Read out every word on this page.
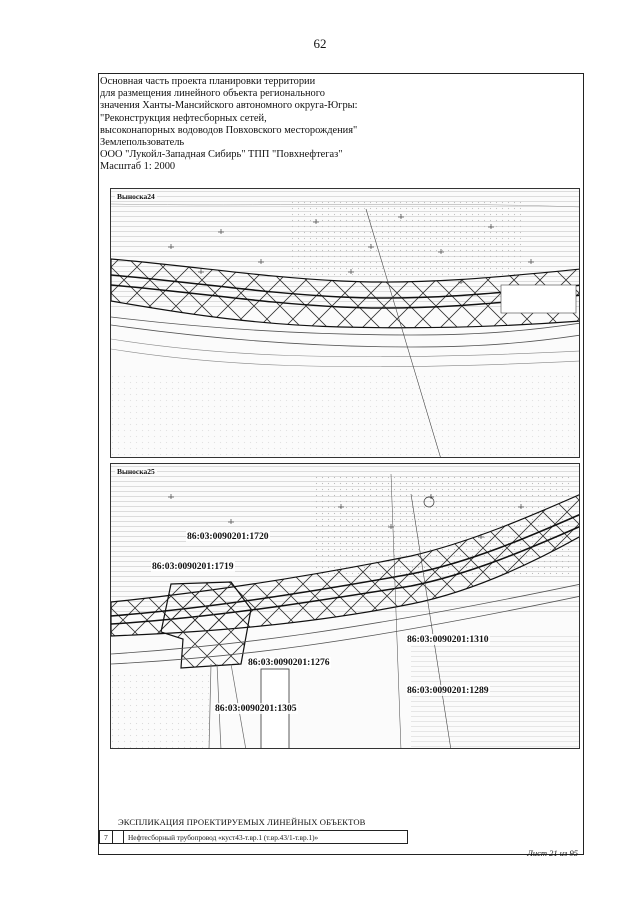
62
Основная часть проекта планировки территории
для размещения линейного объекта регионального
значения Ханты-Мансийского автономного округа-Югры:
"Реконструкция нефтесборных сетей,
высоконапорных водоводов Повховского месторождения"
Землепользователь
ООО "Лукойл-Западная Сибирь" ТПП "Повхнефтегаз"
Масштаб 1: 2000
Выноска24
Выноска25
86:03:0090201:1720
86:03:0090201:1719
86:03:0090201:1310
86:03:0090201:1276
86:03:0090201:1289
86:03:0090201:1305
ЭКСПЛИКАЦИЯ ПРОЕКТИРУЕМЫХ ЛИНЕЙНЫХ ОБЪЕКТОВ
7	Нефтесборный трубопровод «куст43-т.вр.1 (т.вр.43/1-т.вр.1)»
Лист 21 из 95
